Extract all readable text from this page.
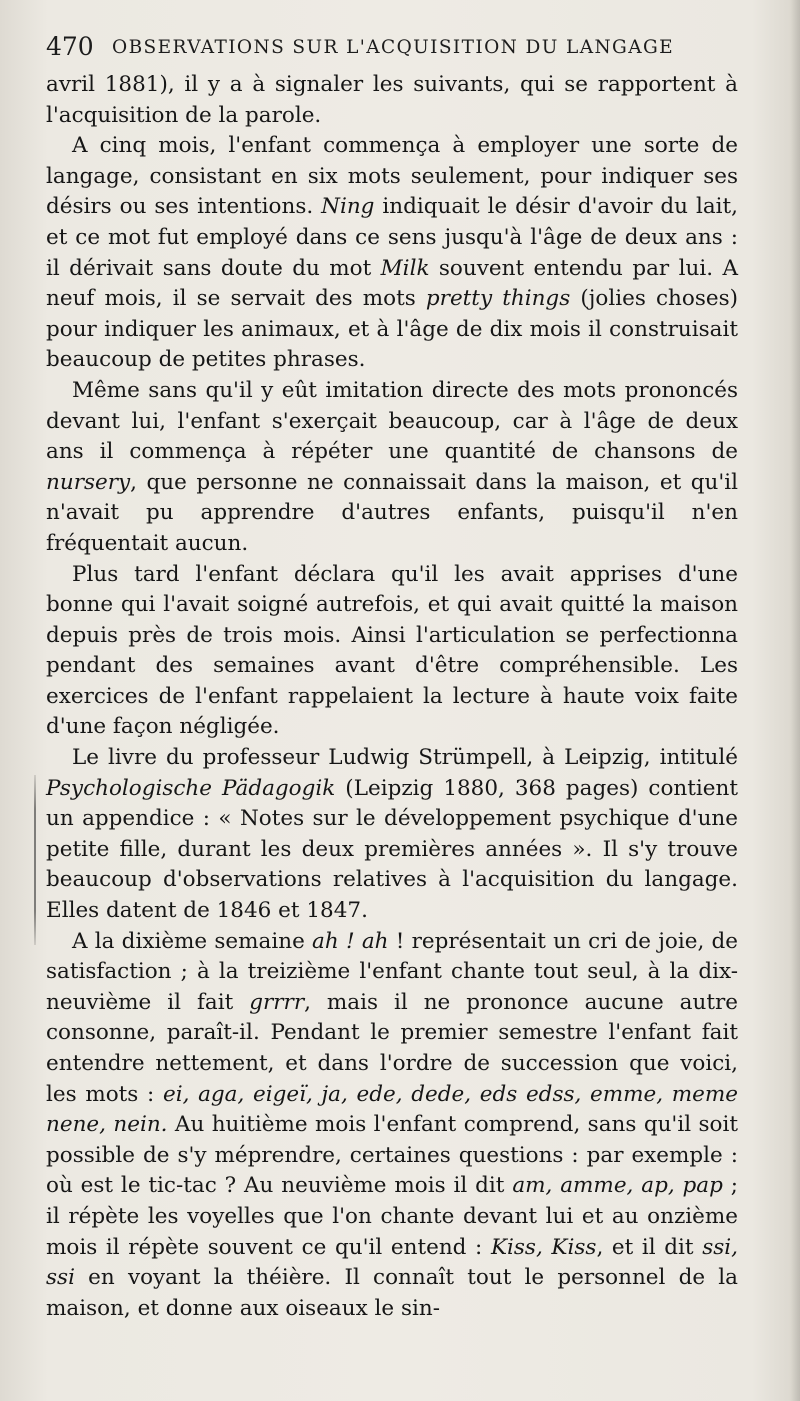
470 OBSERVATIONS SUR L'ACQUISITION DU LANGAGE

avril 1881), il y a à signaler les suivants, qui se rapportent à l'acquisition de la parole.

A cinq mois, l'enfant commença à employer une sorte de langage, consistant en six mots seulement, pour indiquer ses désirs ou ses intentions. Ning indiquait le désir d'avoir du lait, et ce mot fut employé dans ce sens jusqu'à l'âge de deux ans : il dérivait sans doute du mot Milk souvent entendu par lui. A neuf mois, il se servait des mots pretty things (jolies choses) pour indiquer les animaux, et à l'âge de dix mois il construisait beaucoup de petites phrases.

Même sans qu'il y eût imitation directe des mots prononcés devant lui, l'enfant s'exerçait beaucoup, car à l'âge de deux ans il commença à répéter une quantité de chansons de nursery, que personne ne connaissait dans la maison, et qu'il n'avait pu apprendre d'autres enfants, puisqu'il n'en fréquentait aucun.

Plus tard l'enfant déclara qu'il les avait apprises d'une bonne qui l'avait soigné autrefois, et qui avait quitté la maison depuis près de trois mois. Ainsi l'articulation se perfectionna pendant des semaines avant d'être compréhensible. Les exercices de l'enfant rappelaient la lecture à haute voix faite d'une façon négligée.

Le livre du professeur Ludwig Strümpell, à Leipzig, intitulé Psychologische Pädagogik (Leipzig 1880, 368 pages) contient un appendice : « Notes sur le développement psychique d'une petite fille, durant les deux premières années ». Il s'y trouve beaucoup d'observations relatives à l'acquisition du langage. Elles datent de 1846 et 1847.

A la dixième semaine ah ! ah ! représentait un cri de joie, de satisfaction ; à la treizième l'enfant chante tout seul, à la dix-neuvième il fait grrrr, mais il ne prononce aucune autre consonne, paraît-il. Pendant le premier semestre l'enfant fait entendre nettement, et dans l'ordre de succession que voici, les mots : ei, aga, eigeï, ja, ede, dede, eds edss, emme, meme nene, nein. Au huitième mois l'enfant comprend, sans qu'il soit possible de s'y méprendre, certaines questions : par exemple : où est le tic-tac ? Au neuvième mois il dit am, amme, ap, pap ; il répète les voyelles que l'on chante devant lui et au onzième mois il répète souvent ce qu'il entend : Kiss, Kiss, et il dit ssi, ssi en voyant la théière. Il connaît tout le personnel de la maison, et donne aux oiseaux le sin-
